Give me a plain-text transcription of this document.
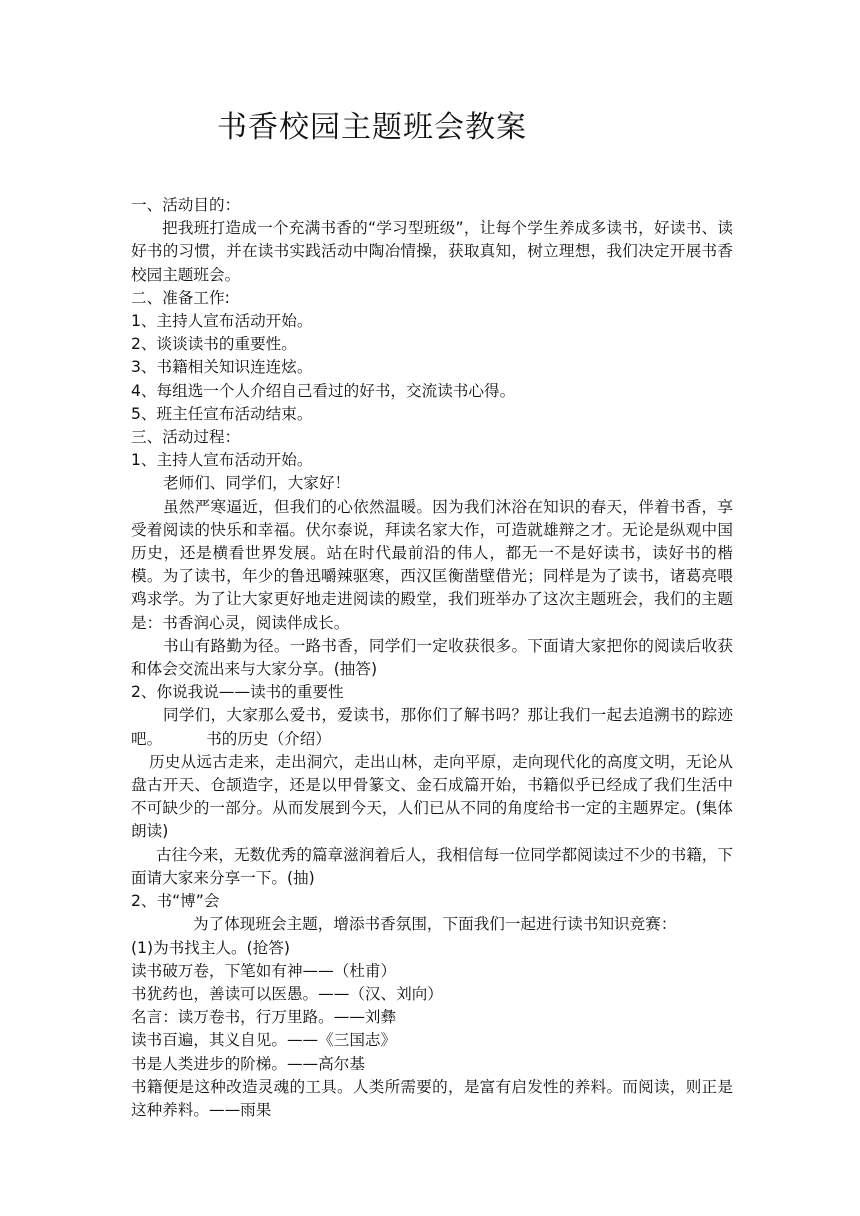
书香校园主题班会教案

一、活动目的：

把我班打造成一个充满书香的“学习型班级”，让每个学生养成多读书，好读书、读好书的习惯，并在读书实践活动中陶冶情操，获取真知，树立理想，我们决定开展书香校园主题班会。

二、准备工作:

1、主持人宣布活动开始。

2、谈谈读书的重要性。

3、书籍相关知识连连炫。

4、每组选一个人介绍自己看过的好书，交流读书心得。

5、班主任宣布活动结束。

三、活动过程：

1、主持人宣布活动开始。

老师们、同学们，大家好！

虽然严寒逼近，但我们的心依然温暖。因为我们沐浴在知识的春天，伴着书香，享受着阅读的快乐和幸福。伏尔泰说，拜读名家大作，可造就雄辩之才。无论是纵观中国历史，还是横看世界发展。站在时代最前沿的伟人，都无一不是好读书，读好书的楷模。为了读书，年少的鲁迅嚼辣驱寒，西汉匡衡凿壁借光；同样是为了读书，诸葛亮喂鸡求学。为了让大家更好地走进阅读的殿堂，我们班举办了这次主题班会，我们的主题是：书香润心灵，阅读伴成长。

书山有路勤为径。一路书香，同学们一定收获很多。下面请大家把你的阅读后收获和体会交流出来与大家分享。(抽答)

2、你说我说——读书的重要性

同学们，大家那么爱书，爱读书，那你们了解书吗？那让我们一起去追溯书的踪迹吧。	书的历史（介绍）

历史从远古走来，走出洞穴，走出山林，走向平原，走向现代化的高度文明，无论从盘古开天、仓颉造字，还是以甲骨篆文、金石成篇开始，书籍似乎已经成了我们生活中不可缺少的一部分。从而发展到今天，人们已从不同的角度给书一定的主题界定。(集体朗读)

古往今来，无数优秀的篇章滋润着后人，我相信每一位同学都阅读过不少的书籍，下面请大家来分享一下。(抽)

2、书“博”会

为了体现班会主题，增添书香氛围，下面我们一起进行读书知识竞赛：

(1)为书找主人。(抢答)

读书破万卷，下笔如有神——（杜甫）

书犹药也，善读可以医愚。——（汉、刘向）

名言：读万卷书，行万里路。——刘彝

读书百遍，其义自见。——《三国志》

书是人类进步的阶梯。——高尔基

书籍便是这种改造灵魂的工具。人类所需要的，是富有启发性的养料。而阅读，则正是这种养料。——雨果
